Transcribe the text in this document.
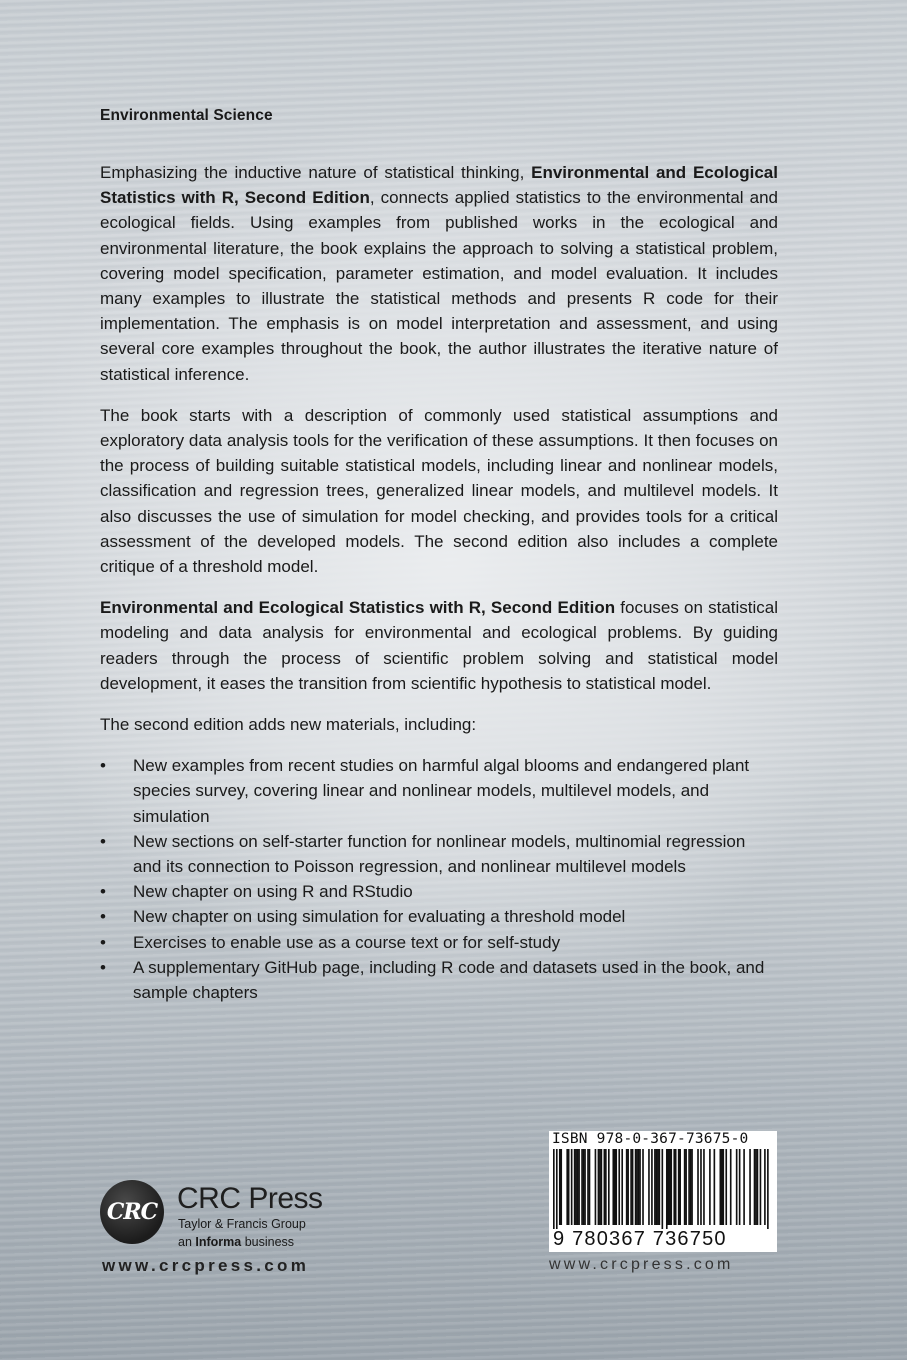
Environmental Science

Emphasizing the inductive nature of statistical thinking, Environmental and Ecological Statistics with R, Second Edition, connects applied statistics to the environmental and ecological fields. Using examples from published works in the ecological and environmental literature, the book explains the approach to solving a statistical problem, covering model specification, parameter estimation, and model evaluation. It includes many examples to illustrate the statistical methods and presents R code for their implementation. The emphasis is on model interpretation and assessment, and using several core examples throughout the book, the author illustrates the iterative nature of statistical inference.

The book starts with a description of commonly used statistical assumptions and exploratory data analysis tools for the verification of these assumptions. It then focuses on the process of building suitable statistical models, including linear and nonlinear models, classification and regression trees, generalized linear models, and multilevel models. It also discusses the use of simulation for model checking, and provides tools for a critical assessment of the developed models. The second edition also includes a complete critique of a threshold model.

Environmental and Ecological Statistics with R, Second Edition focuses on statistical modeling and data analysis for environmental and ecological problems. By guiding readers through the process of scientific problem solving and statistical model development, it eases the transition from scientific hypothesis to statistical model.

The second edition adds new materials, including:

• New examples from recent studies on harmful algal blooms and endangered plant species survey, covering linear and nonlinear models, multilevel models, and simulation
• New sections on self-starter function for nonlinear models, multinomial regression and its connection to Poisson regression, and nonlinear multilevel models
• New chapter on using R and RStudio
• New chapter on using simulation for evaluating a threshold model
• Exercises to enable use as a course text or for self-study
• A supplementary GitHub page, including R code and datasets used in the book, and sample chapters
CRC CRC Press
Taylor & Francis Group
an Informa business
www.crcpress.com
ISBN 978-0-367-73675-0
9 780367 736750
www.crcpress.com
